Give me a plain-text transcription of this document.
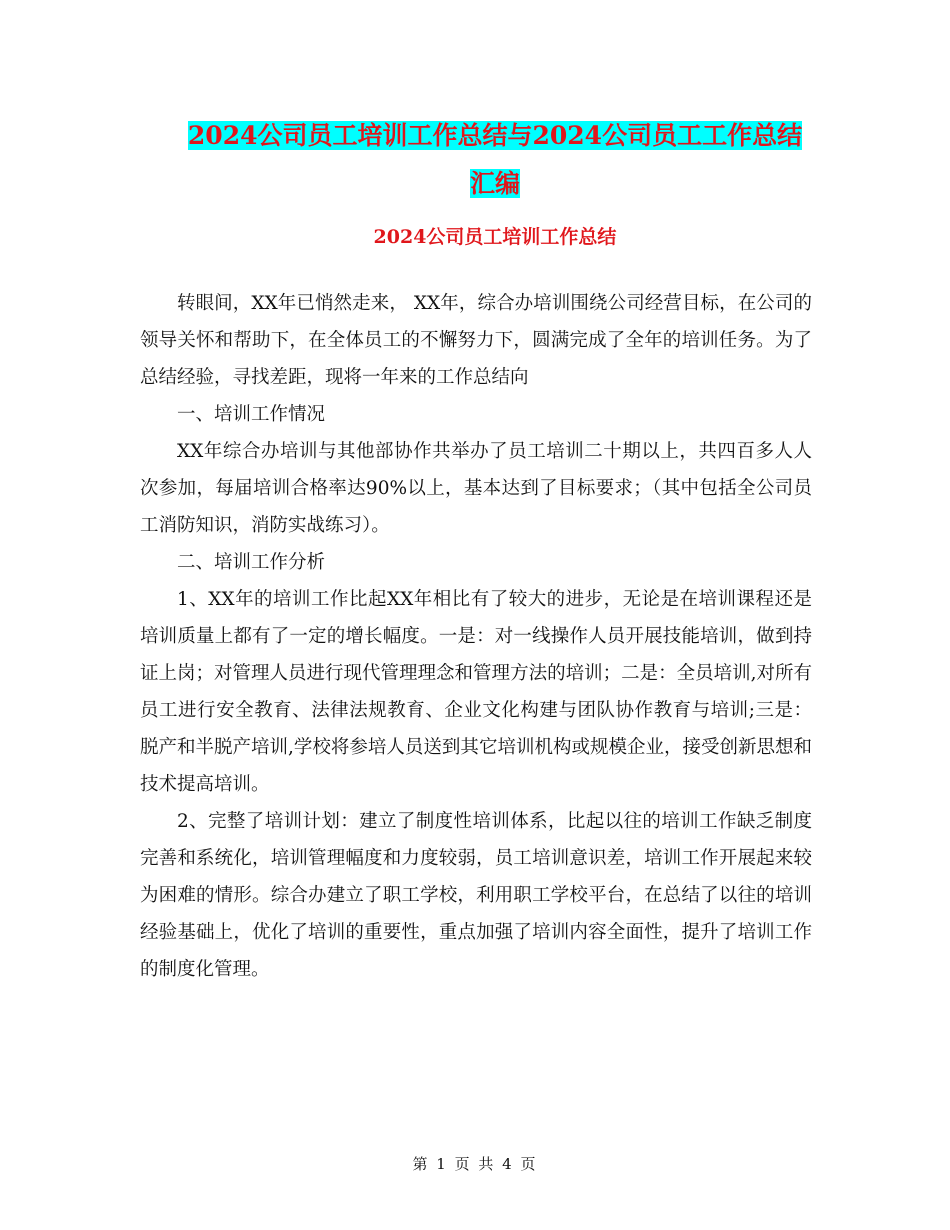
2024公司员工培训工作总结与2024公司员工工作总结
汇编
2024公司员工培训工作总结

转眼间，XX年已悄然走来， XX年，综合办培训围绕公司经营目标，在公司的领导关怀和帮助下，在全体员工的不懈努力下，圆满完成了全年的培训任务。为了总结经验，寻找差距，现将一年来的工作总结向

一、培训工作情况

XX年综合办培训与其他部协作共举办了员工培训二十期以上，共四百多人人次参加，每届培训合格率达90%以上，基本达到了目标要求；（其中包括全公司员工消防知识，消防实战练习）。

二、培训工作分析

1、XX年的培训工作比起XX年相比有了较大的进步，无论是在培训课程还是培训质量上都有了一定的增长幅度。一是：对一线操作人员开展技能培训，做到持证上岗；对管理人员进行现代管理理念和管理方法的培训；二是：全员培训,对所有员工进行安全教育、法律法规教育、企业文化构建与团队协作教育与培训;三是：脱产和半脱产培训,学校将参培人员送到其它培训机构或规模企业，接受创新思想和技术提高培训。

2、完整了培训计划：建立了制度性培训体系，比起以往的培训工作缺乏制度完善和系统化，培训管理幅度和力度较弱，员工培训意识差，培训工作开展起来较为困难的情形。综合办建立了职工学校，利用职工学校平台，在总结了以往的培训经验基础上，优化了培训的重要性，重点加强了培训内容全面性，提升了培训工作的制度化管理。

第 1 页 共 4 页
